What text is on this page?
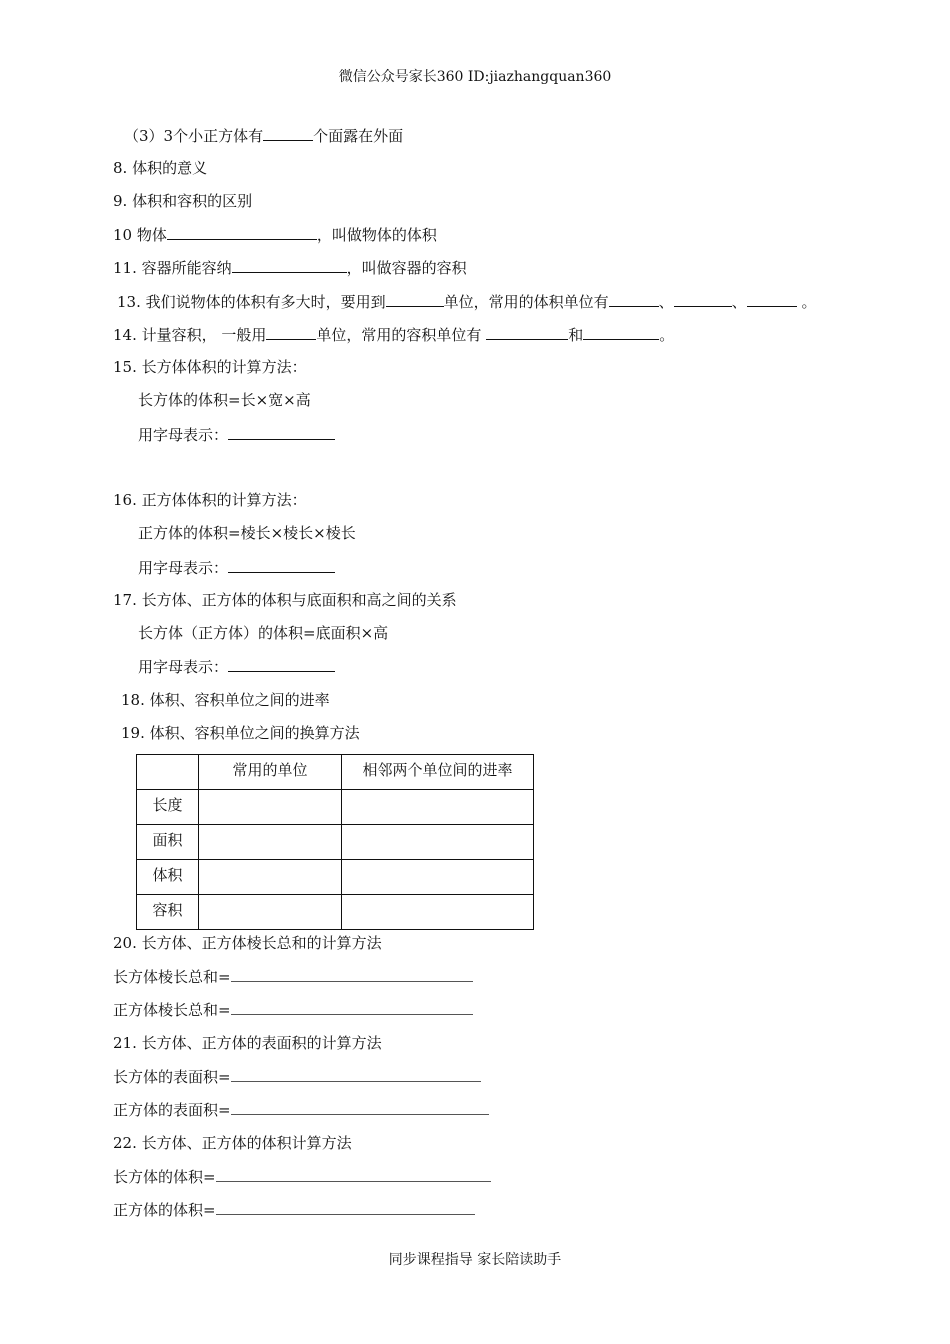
微信公众号家长360 ID:jiazhangquan360
（3）3个小正方体有	个面露在外面
8. 体积的意义
9. 体积和容积的区别
10 物体	，叫做物体的体积
11. 容器所能容纳	，叫做容器的容积
13. 我们说物体的体积有多大时，要用到	单位，常用的体积单位有	、	、	。
14. 计量容积， 一般用	单位，常用的容积单位有	和	。
15. 长方体体积的计算方法：
长方体的体积=长×宽×高
用字母表示：
16. 正方体体积的计算方法：
正方体的体积=棱长×棱长×棱长
用字母表示：
17. 长方体、正方体的体积与底面积和高之间的关系
长方体（正方体）的体积=底面积×高
用字母表示：
18. 体积、容积单位之间的进率
19. 体积、容积单位之间的换算方法

	常用的单位	相邻两个单位间的进率

长度		

面积		

体积		

容积		

20. 长方体、正方体棱长总和的计算方法
长方体棱长总和=
正方体棱长总和=
21. 长方体、正方体的表面积的计算方法
长方体的表面积=
正方体的表面积=
22. 长方体、正方体的体积计算方法
长方体的体积=
正方体的体积=
同步课程指导 家长陪读助手
